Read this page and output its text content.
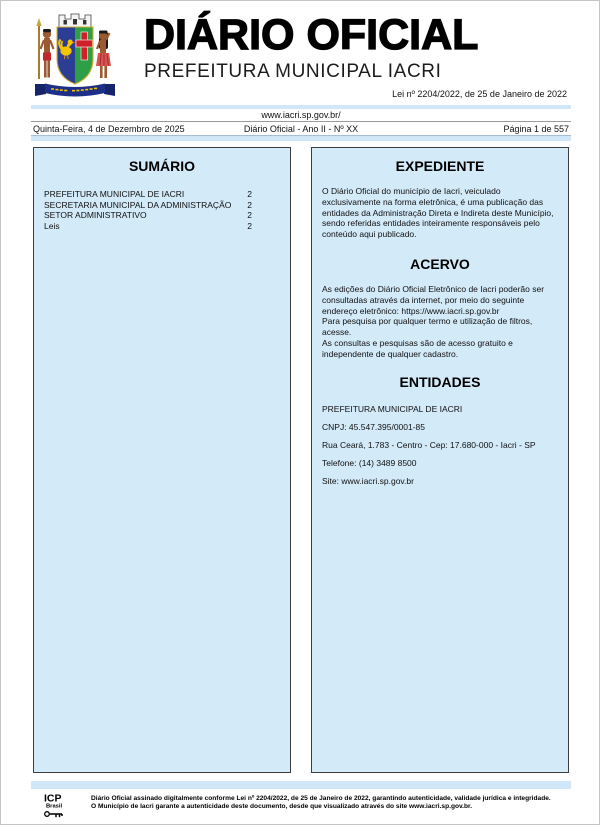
DIÁRIO OFICIAL
PREFEITURA MUNICIPAL IACRI
Lei nº 2204/2022, de 25 de Janeiro de 2022
www.iacri.sp.gov.br/
Quinta-Feira, 4 de Dezembro de 2025	Diário Oficial - Ano II - Nº XX	Página 1 de 557
SUMÁRIO
PREFEITURA MUNICIPAL DE IACRI	2
SECRETARIA MUNICIPAL DA ADMINISTRAÇÃO	2
SETOR ADMINISTRATIVO	2
Leis	2
EXPEDIENTE
O Diário Oficial do município de Iacri, veiculado exclusivamente na forma eletrônica, é uma publicação das entidades da Administração Direta e Indireta deste Município, sendo referidas entidades inteiramente responsáveis pelo conteúdo aqui publicado.
ACERVO
As edições do Diário Oficial Eletrônico de Iacri poderão ser consultadas através da internet, por meio do seguinte endereço eletrônico: https://www.iacri.sp.gov.br
Para pesquisa por qualquer termo e utilização de filtros, acesse.
As consultas e pesquisas são de acesso gratuito e independente de qualquer cadastro.
ENTIDADES
PREFEITURA MUNICIPAL DE IACRI
CNPJ: 45.547.395/0001-85
Rua Ceará, 1.783 - Centro - Cep: 17.680-000 - Iacri - SP
Telefone: (14) 3489 8500
Site: www.iacri.sp.gov.br
ICP
Brasil
Diário Oficial assinado digitalmente conforme Lei nº 2204/2022, de 25 de Janeiro de 2022, garantindo autenticidade, validade jurídica e integridade.
O Município de Iacri garante a autenticidade deste documento, desde que visualizado através do site www.iacri.sp.gov.br.
